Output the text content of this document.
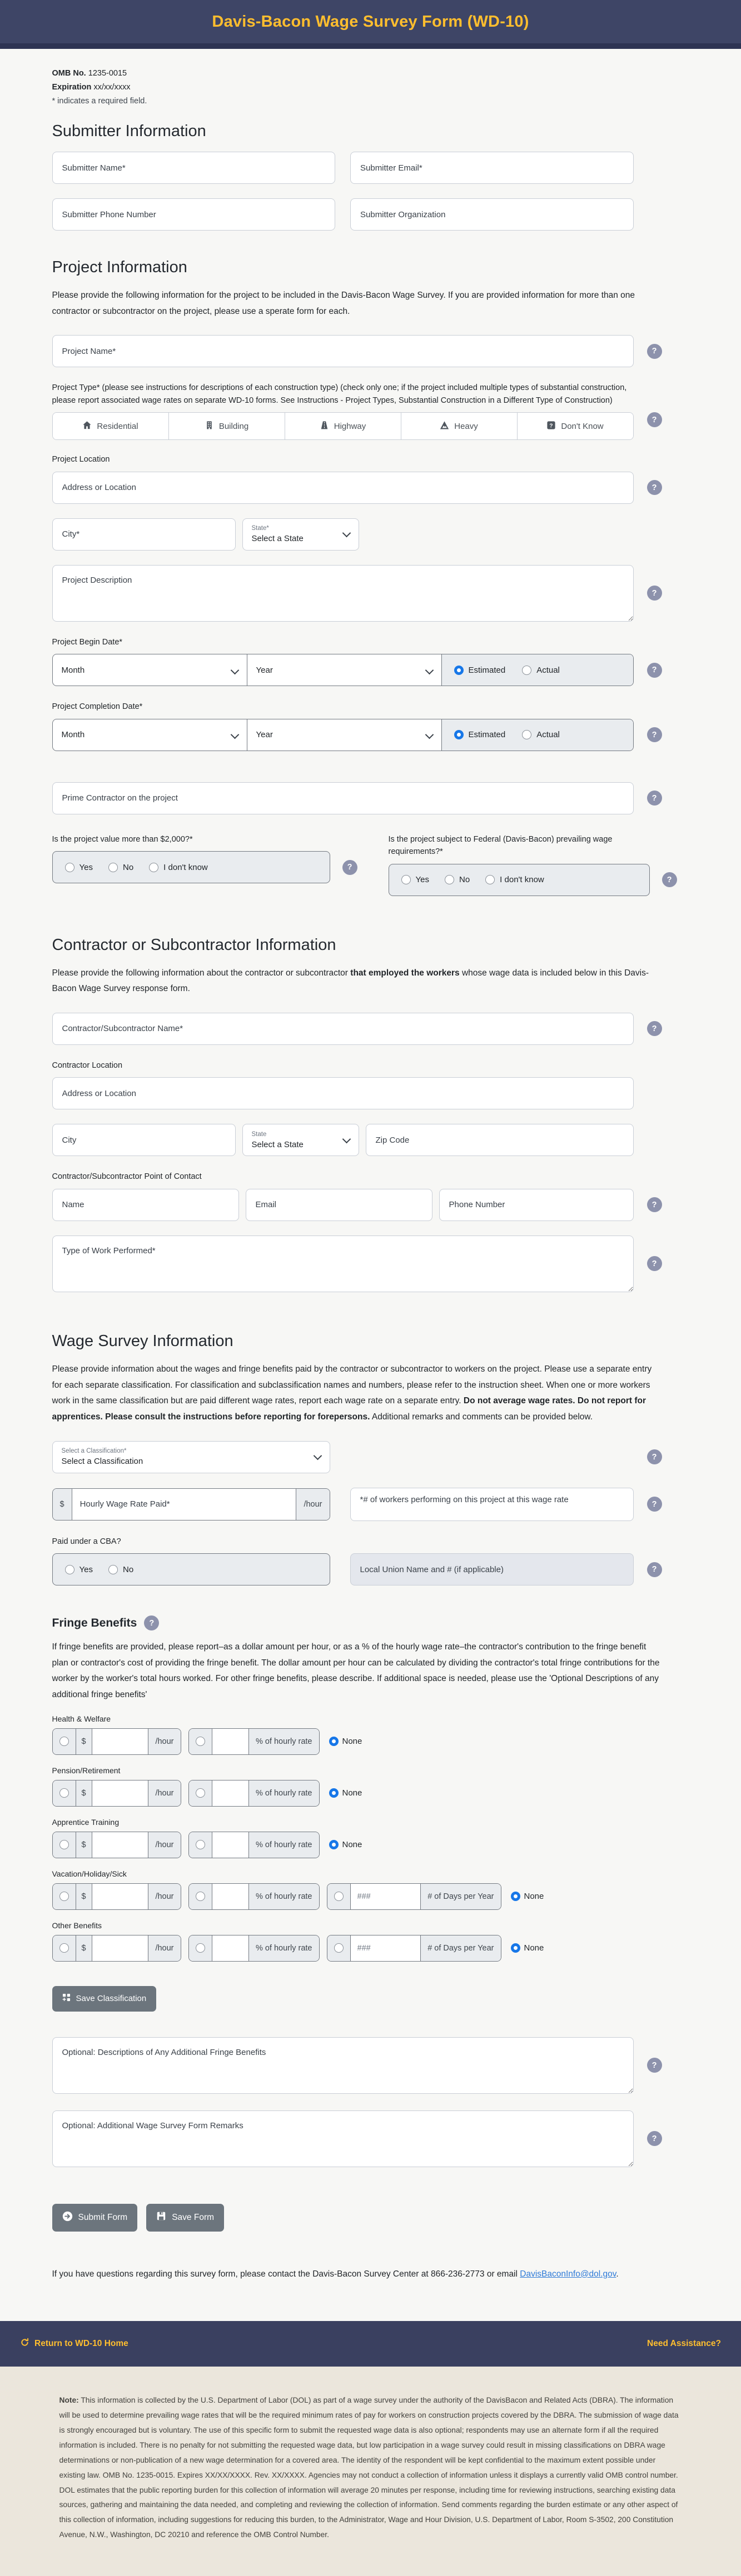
Davis-Bacon Wage Survey Form (WD-10)

OMB No. 1235-0015

Expiration xx/xx/xxxx

* indicates a required field.

Submitter Information
Submitter Name*
Submitter Email*
Submitter Phone Number
Submitter Organization
Project Information

Please provide the following information for the project to be included in the Davis-Bacon Wage Survey. If you are provided information for more than one contractor or subcontractor on the project, please use a sperate form for each.

Project Name*
?
Project Type* (please see instructions for descriptions of each construction type) (check only one; if the project included multiple types of substantial construction, please report associated wage rates on separate WD-10 forms. See Instructions - Project Types, Substantial Construction in a Different Type of Construction)
Residential	Building	Highway	Heavy	? Don't Know
?
Project Location
Address or Location
?
City*
State*
Select a State
Project Description
?
Project Begin Date*
Month	Year	Estimated	Actual
?
Project Completion Date*
Month	Year	Estimated	Actual
?
Prime Contractor on the project
?
Is the project value more than $2,000?*
Yes	No	I don't know
?
Is the project subject to Federal (Davis-Bacon) prevailing wage requirements?*
Yes	No	I don't know
?
Contractor or Subcontractor Information

Please provide the following information about the contractor or subcontractor that employed the workers whose wage data is included below in this Davis-Bacon Wage Survey response form.

Contractor/Subcontractor Name*
?
Contractor Location
Address or Location
City
State
Select a State
Zip Code
Contractor/Subcontractor Point of Contact
Name
Email
Phone Number
?
Type of Work Performed*
?
Wage Survey Information

Please provide information about the wages and fringe benefits paid by the contractor or subcontractor to workers on the project. Please use a separate entry for each separate classification. For classification and subclassification names and numbers, please refer to the instruction sheet. When one or more workers work in the same classification but are paid different wage rates, report each wage rate on a separate entry. Do not average wage rates. Do not report for apprentices. Please consult the instructions before reporting for forepersons. Additional remarks and comments can be provided below.

Select a Classification*
Select a Classification
?
$
Hourly Wage Rate Paid*	/hour
*# of workers performing on this project at this wage rate
?
Paid under a CBA?
Yes	No	Local Union Name and # (if applicable)
?
Fringe Benefits
?

If fringe benefits are provided, please report–as a dollar amount per hour, or as a % of the hourly wage rate–the contractor's contribution to the fringe benefit plan or contractor's cost of providing the fringe benefit. The dollar amount per hour can be calculated by dividing the contractor's total fringe contributions for the worker by the worker's total hours worked. For other fringe benefits, please describe. If additional space is needed, please use the 'Optional Descriptions of any additional fringe benefits'

Health & Welfare

$	/hour	% of hourly rate	None

Pension/Retirement

$	/hour	% of hourly rate	None

Apprentice Training

$	/hour	% of hourly rate	None

Vacation/Holiday/Sick

$	/hour	% of hourly rate
###	# of Days per Year	None

Other Benefits

$	/hour	% of hourly rate
###	# of Days per Year	None
Save Classification
Optional: Descriptions of Any Additional Fringe Benefits
?
Optional: Additional Wage Survey Form Remarks
?
Submit Form	Save Form

If you have questions regarding this survey form, please contact the Davis-Bacon Survey Center at 866-236-2773 or email DavisBaconInfo@dol.gov.

Return to WD-10 Home	Need Assistance?

Note: This information is collected by the U.S. Department of Labor (DOL) as part of a wage survey under the authority of the DavisBacon and Related Acts (DBRA). The information will be used to determine prevailing wage rates that will be the required minimum rates of pay for workers on construction projects covered by the DBRA. The submission of wage data is strongly encouraged but is voluntary. The use of this specific form to submit the requested wage data is also optional; respondents may use an alternate form if all the required information is included. There is no penalty for not submitting the requested wage data, but low participation in a wage survey could result in missing classifications on DBRA wage determinations or non-publication of a new wage determination for a covered area. The identity of the respondent will be kept confidential to the maximum extent possible under existing law. OMB No. 1235-0015. Expires XX/XX/XXXX. Rev. XX/XXXX. Agencies may not conduct a collection of information unless it displays a currently valid OMB control number. DOL estimates that the public reporting burden for this collection of information will average 20 minutes per response, including time for reviewing instructions, searching existing data sources, gathering and maintaining the data needed, and completing and reviewing the collection of information. Send comments regarding the burden estimate or any other aspect of this collection of information, including suggestions for reducing this burden, to the Administrator, Wage and Hour Division, U.S. Department of Labor, Room S-3502, 200 Constitution Avenue, N.W., Washington, DC 20210 and reference the OMB Control Number.
